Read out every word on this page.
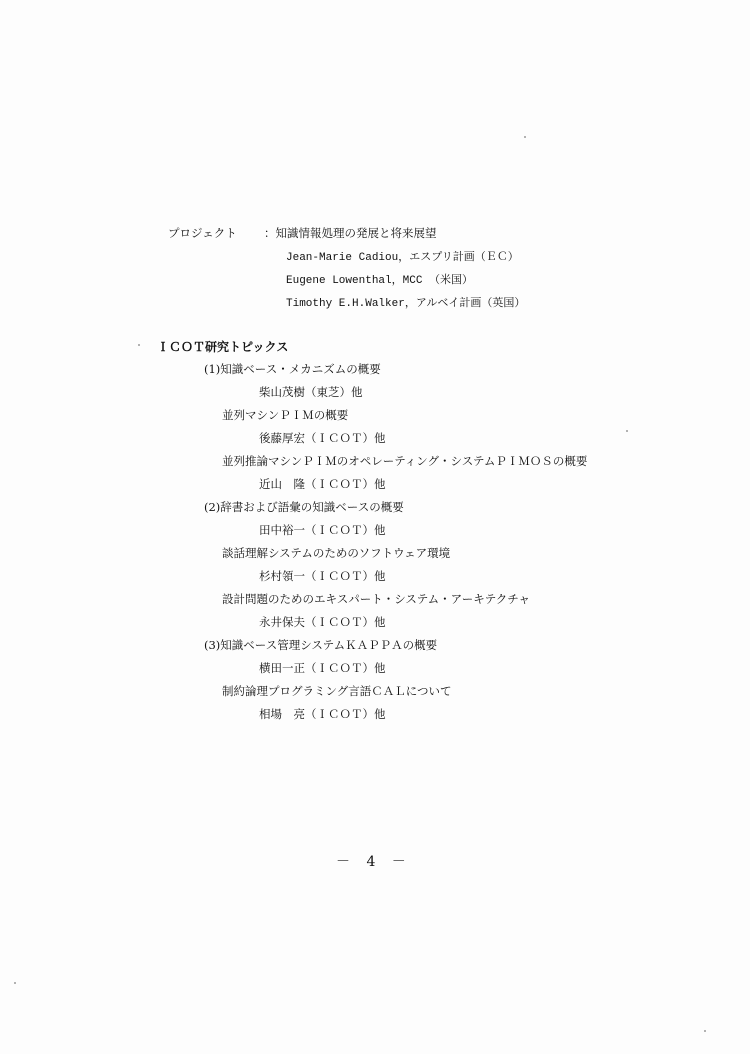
プロジェクト ：知識情報処理の発展と将来展望
Jean-Marie Cadiou，エスプリ計画（ＥＣ）
Eugene Lowenthal，MCC （米国）
Timothy E.H.Walker，アルベイ計画（英国）
ＩＣＯＴ研究トピックス
(1)知識ベース・メカニズムの概要
柴山茂樹（東芝）他
並列マシンＰＩＭの概要
後藤厚宏（ＩＣＯＴ）他
並列推論マシンＰＩＭのオペレーティング・システムＰＩＭＯＳの概要
近山　隆（ＩＣＯＴ）他
(2)辞書および語彙の知識ベースの概要
田中裕一（ＩＣＯＴ）他
談話理解システムのためのソフトウェア環境
杉村領一（ＩＣＯＴ）他
設計問題のためのエキスパート・システム・アーキテクチャ
永井保夫（ＩＣＯＴ）他
(3)知識ベース管理システムＫＡＰＰＡの概要
横田一正（ＩＣＯＴ）他
制約論理プログラミング言語ＣＡＬについて
相場　亮（ＩＣＯＴ）他
－ 4 －
